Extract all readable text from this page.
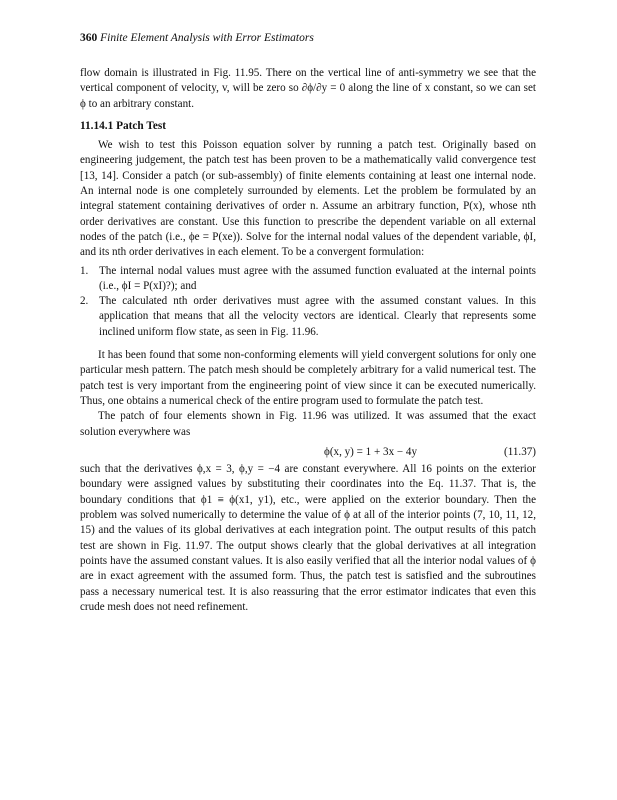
360 Finite Element Analysis with Error Estimators

flow domain is illustrated in Fig. 11.95. There on the vertical line of anti-symmetry we see that the vertical component of velocity, v, will be zero so ∂ϕ/∂y = 0 along the line of x constant, so we can set ϕ to an arbitrary constant.

11.14.1 Patch Test

We wish to test this Poisson equation solver by running a patch test. Originally based on engineering judgement, the patch test has been proven to be a mathematically valid convergence test [13, 14]. Consider a patch (or sub-assembly) of finite elements containing at least one internal node. An internal node is one completely surrounded by elements. Let the problem be formulated by an integral statement containing derivatives of order n. Assume an arbitrary function, P(x), whose nth order derivatives are constant. Use this function to prescribe the dependent variable on all external nodes of the patch (i.e., ϕe = P(xe)). Solve for the internal nodal values of the dependent variable, ϕI, and its nth order derivatives in each element. To be a convergent formulation:

1. The internal nodal values must agree with the assumed function evaluated at the internal points (i.e., ϕI = P(xI)?); and
2. The calculated nth order derivatives must agree with the assumed constant values. In this application that means that all the velocity vectors are identical. Clearly that represents some inclined uniform flow state, as seen in Fig. 11.96.

It has been found that some non-conforming elements will yield convergent solutions for only one particular mesh pattern. The patch mesh should be completely arbitrary for a valid numerical test. The patch test is very important from the engineering point of view since it can be executed numerically. Thus, one obtains a numerical check of the entire program used to formulate the patch test.

The patch of four elements shown in Fig. 11.96 was utilized. It was assumed that the exact solution everywhere was

ϕ(x, y) = 1 + 3x − 4y	(11.37)

such that the derivatives ϕ,x = 3, ϕ,y = −4 are constant everywhere. All 16 points on the exterior boundary were assigned values by substituting their coordinates into the Eq. 11.37. That is, the boundary conditions that ϕ1 ≡ ϕ(x1, y1), etc., were applied on the exterior boundary. Then the problem was solved numerically to determine the value of ϕ at all of the interior points (7, 10, 11, 12, 15) and the values of its global derivatives at each integration point. The output results of this patch test are shown in Fig. 11.97. The output shows clearly that the global derivatives at all integration points have the assumed constant values. It is also easily verified that all the interior nodal values of ϕ are in exact agreement with the assumed form. Thus, the patch test is satisfied and the subroutines pass a necessary numerical test. It is also reassuring that the error estimator indicates that even this crude mesh does not need refinement.
